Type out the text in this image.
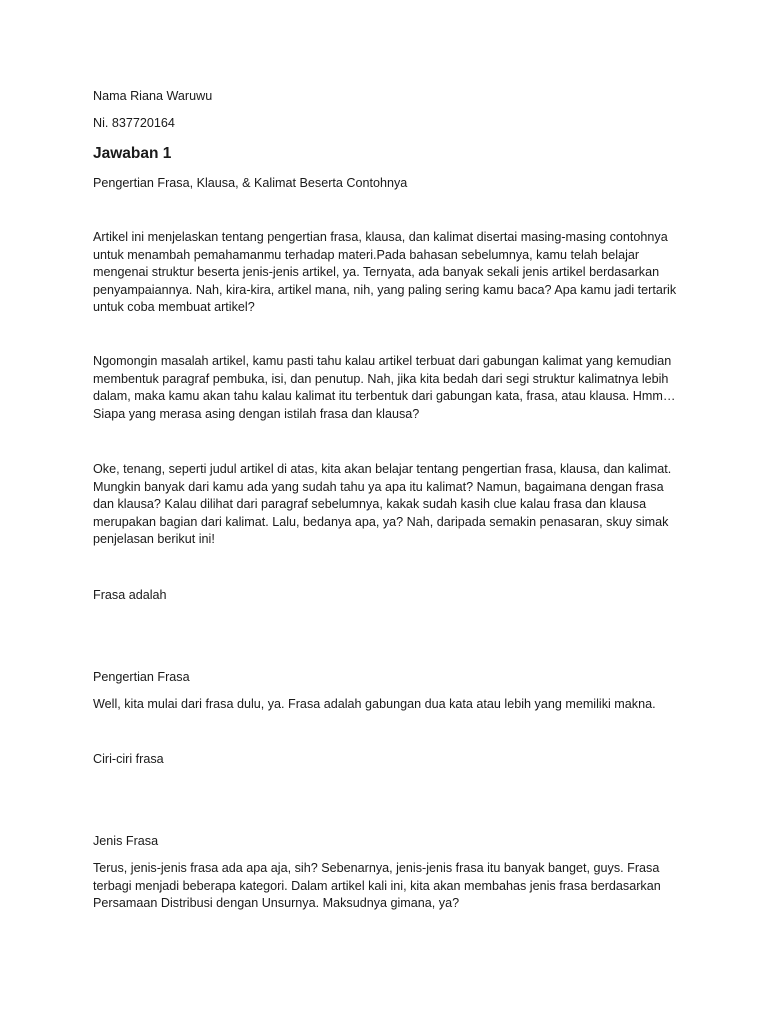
Nama Riana Waruwu
Ni. 837720164
Jawaban 1
Pengertian Frasa, Klausa, & Kalimat Beserta Contohnya
Artikel ini menjelaskan tentang pengertian frasa, klausa, dan kalimat disertai masing-masing contohnya untuk menambah pemahamanmu terhadap materi.Pada bahasan sebelumnya, kamu telah belajar mengenai struktur beserta jenis-jenis artikel, ya. Ternyata, ada banyak sekali jenis artikel berdasarkan penyampaiannya. Nah, kira-kira, artikel mana, nih, yang paling sering kamu baca? Apa kamu jadi tertarik untuk coba membuat artikel?
Ngomongin masalah artikel, kamu pasti tahu kalau artikel terbuat dari gabungan kalimat yang kemudian membentuk paragraf pembuka, isi, dan penutup. Nah, jika kita bedah dari segi struktur kalimatnya lebih dalam, maka kamu akan tahu kalau kalimat itu terbentuk dari gabungan kata, frasa, atau klausa. Hmm… Siapa yang merasa asing dengan istilah frasa dan klausa?
Oke, tenang, seperti judul artikel di atas, kita akan belajar tentang pengertian frasa, klausa, dan kalimat. Mungkin banyak dari kamu ada yang sudah tahu ya apa itu kalimat? Namun, bagaimana dengan frasa dan klausa? Kalau dilihat dari paragraf sebelumnya, kakak sudah kasih clue kalau frasa dan klausa merupakan bagian dari kalimat. Lalu, bedanya apa, ya? Nah, daripada semakin penasaran, skuy simak penjelasan berikut ini!
Frasa adalah
Pengertian Frasa
Well, kita mulai dari frasa dulu, ya. Frasa adalah gabungan dua kata atau lebih yang memiliki makna.
Ciri-ciri frasa
Jenis Frasa
Terus, jenis-jenis frasa ada apa aja, sih? Sebenarnya, jenis-jenis frasa itu banyak banget, guys. Frasa terbagi menjadi beberapa kategori. Dalam artikel kali ini, kita akan membahas jenis frasa berdasarkan Persamaan Distribusi dengan Unsurnya. Maksudnya gimana, ya?
